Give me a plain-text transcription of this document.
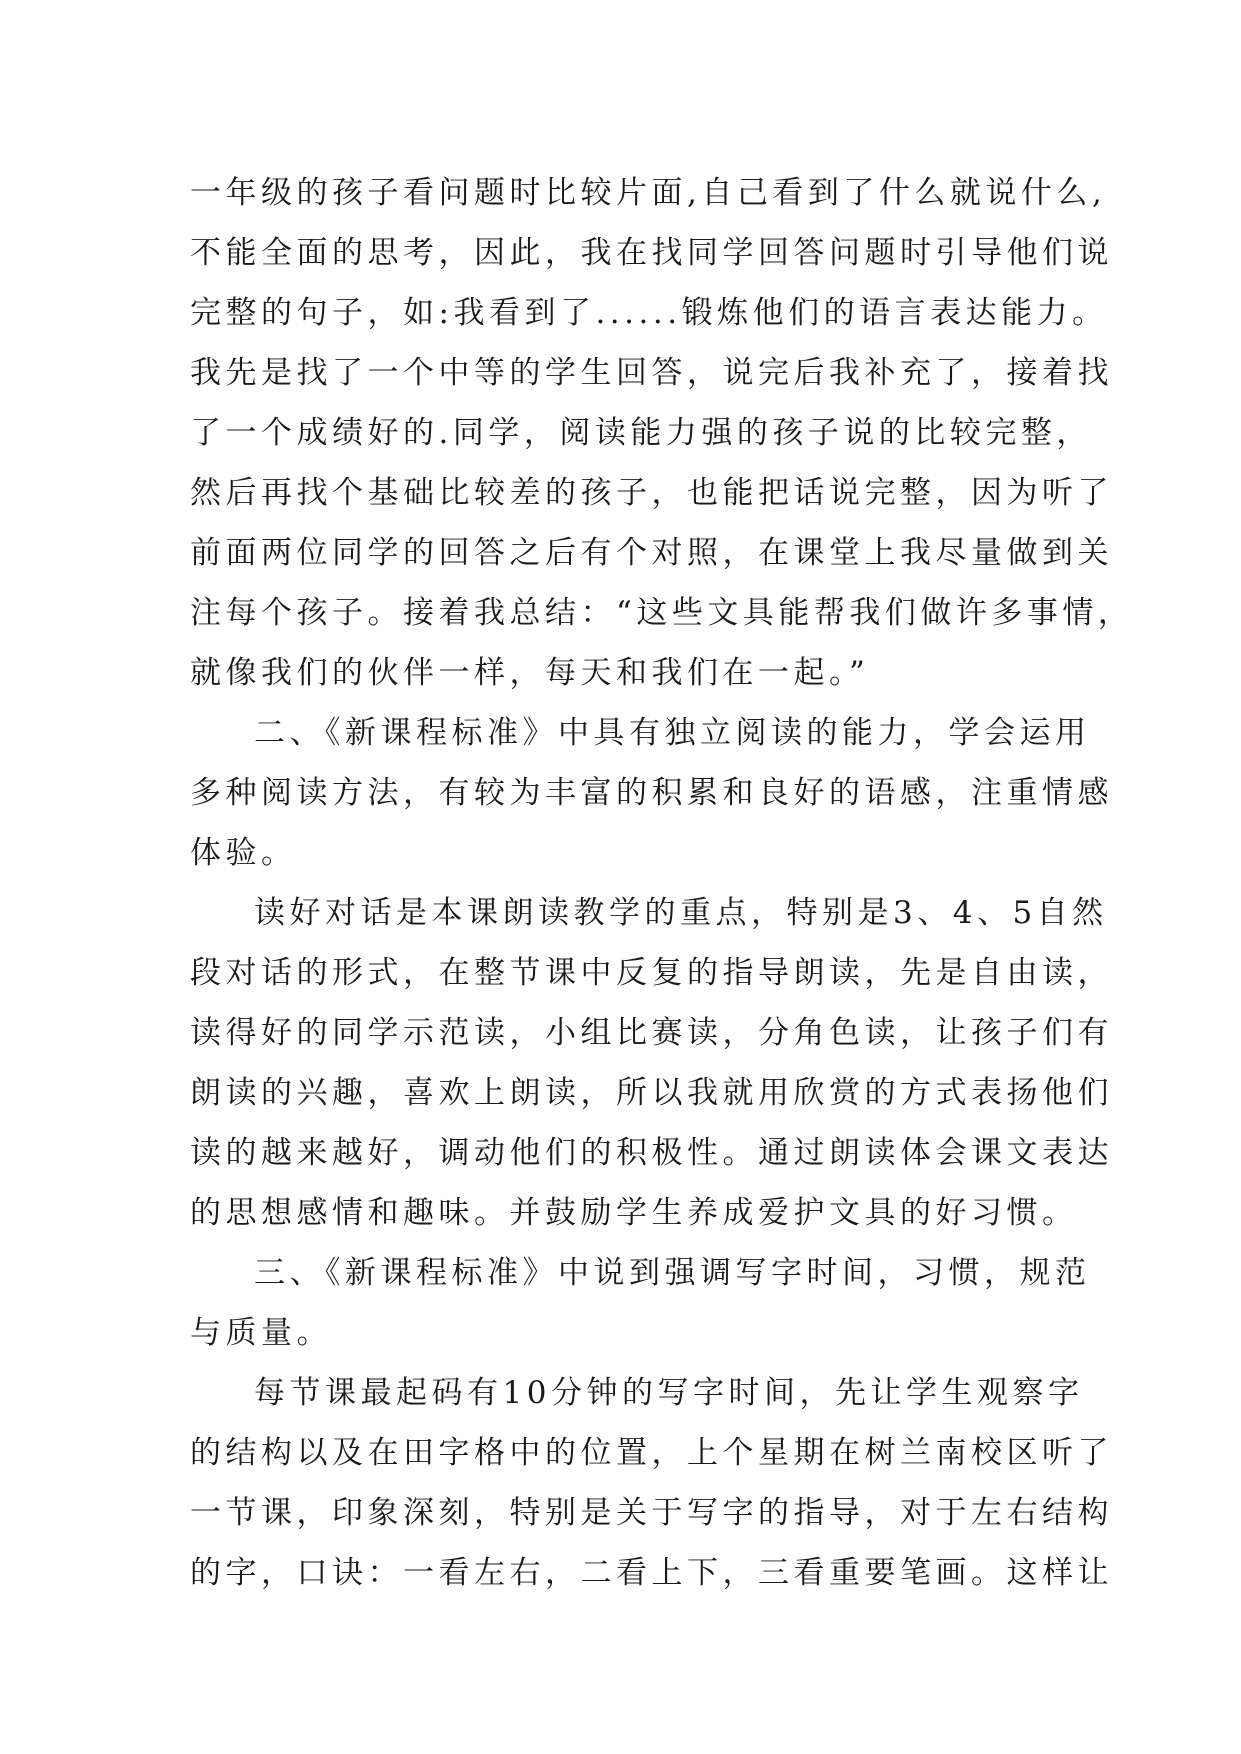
一年级的孩子看问题时比较片面,自己看到了什么就说什么,
不能全面的思考，因此，我在找同学回答问题时引导他们说
完整的句子，如:我看到了......锻炼他们的语言表达能力。
我先是找了一个中等的学生回答，说完后我补充了，接着找
了一个成绩好的.同学，阅读能力强的孩子说的比较完整，
然后再找个基础比较差的孩子，也能把话说完整，因为听了
前面两位同学的回答之后有个对照，在课堂上我尽量做到关
注每个孩子。接着我总结：“这些文具能帮我们做许多事情，
就像我们的伙伴一样，每天和我们在一起。”
二、《新课程标准》中具有独立阅读的能力，学会运用
多种阅读方法，有较为丰富的积累和良好的语感，注重情感
体验。
读好对话是本课朗读教学的重点，特别是3、4、5自然
段对话的形式，在整节课中反复的指导朗读，先是自由读，
读得好的同学示范读，小组比赛读，分角色读，让孩子们有
朗读的兴趣，喜欢上朗读，所以我就用欣赏的方式表扬他们
读的越来越好，调动他们的积极性。通过朗读体会课文表达
的思想感情和趣味。并鼓励学生养成爱护文具的好习惯。
三、《新课程标准》中说到强调写字时间，习惯，规范
与质量。
每节课最起码有10分钟的写字时间，先让学生观察字
的结构以及在田字格中的位置，上个星期在树兰南校区听了
一节课，印象深刻，特别是关于写字的指导，对于左右结构
的字，口诀：一看左右，二看上下，三看重要笔画。这样让
